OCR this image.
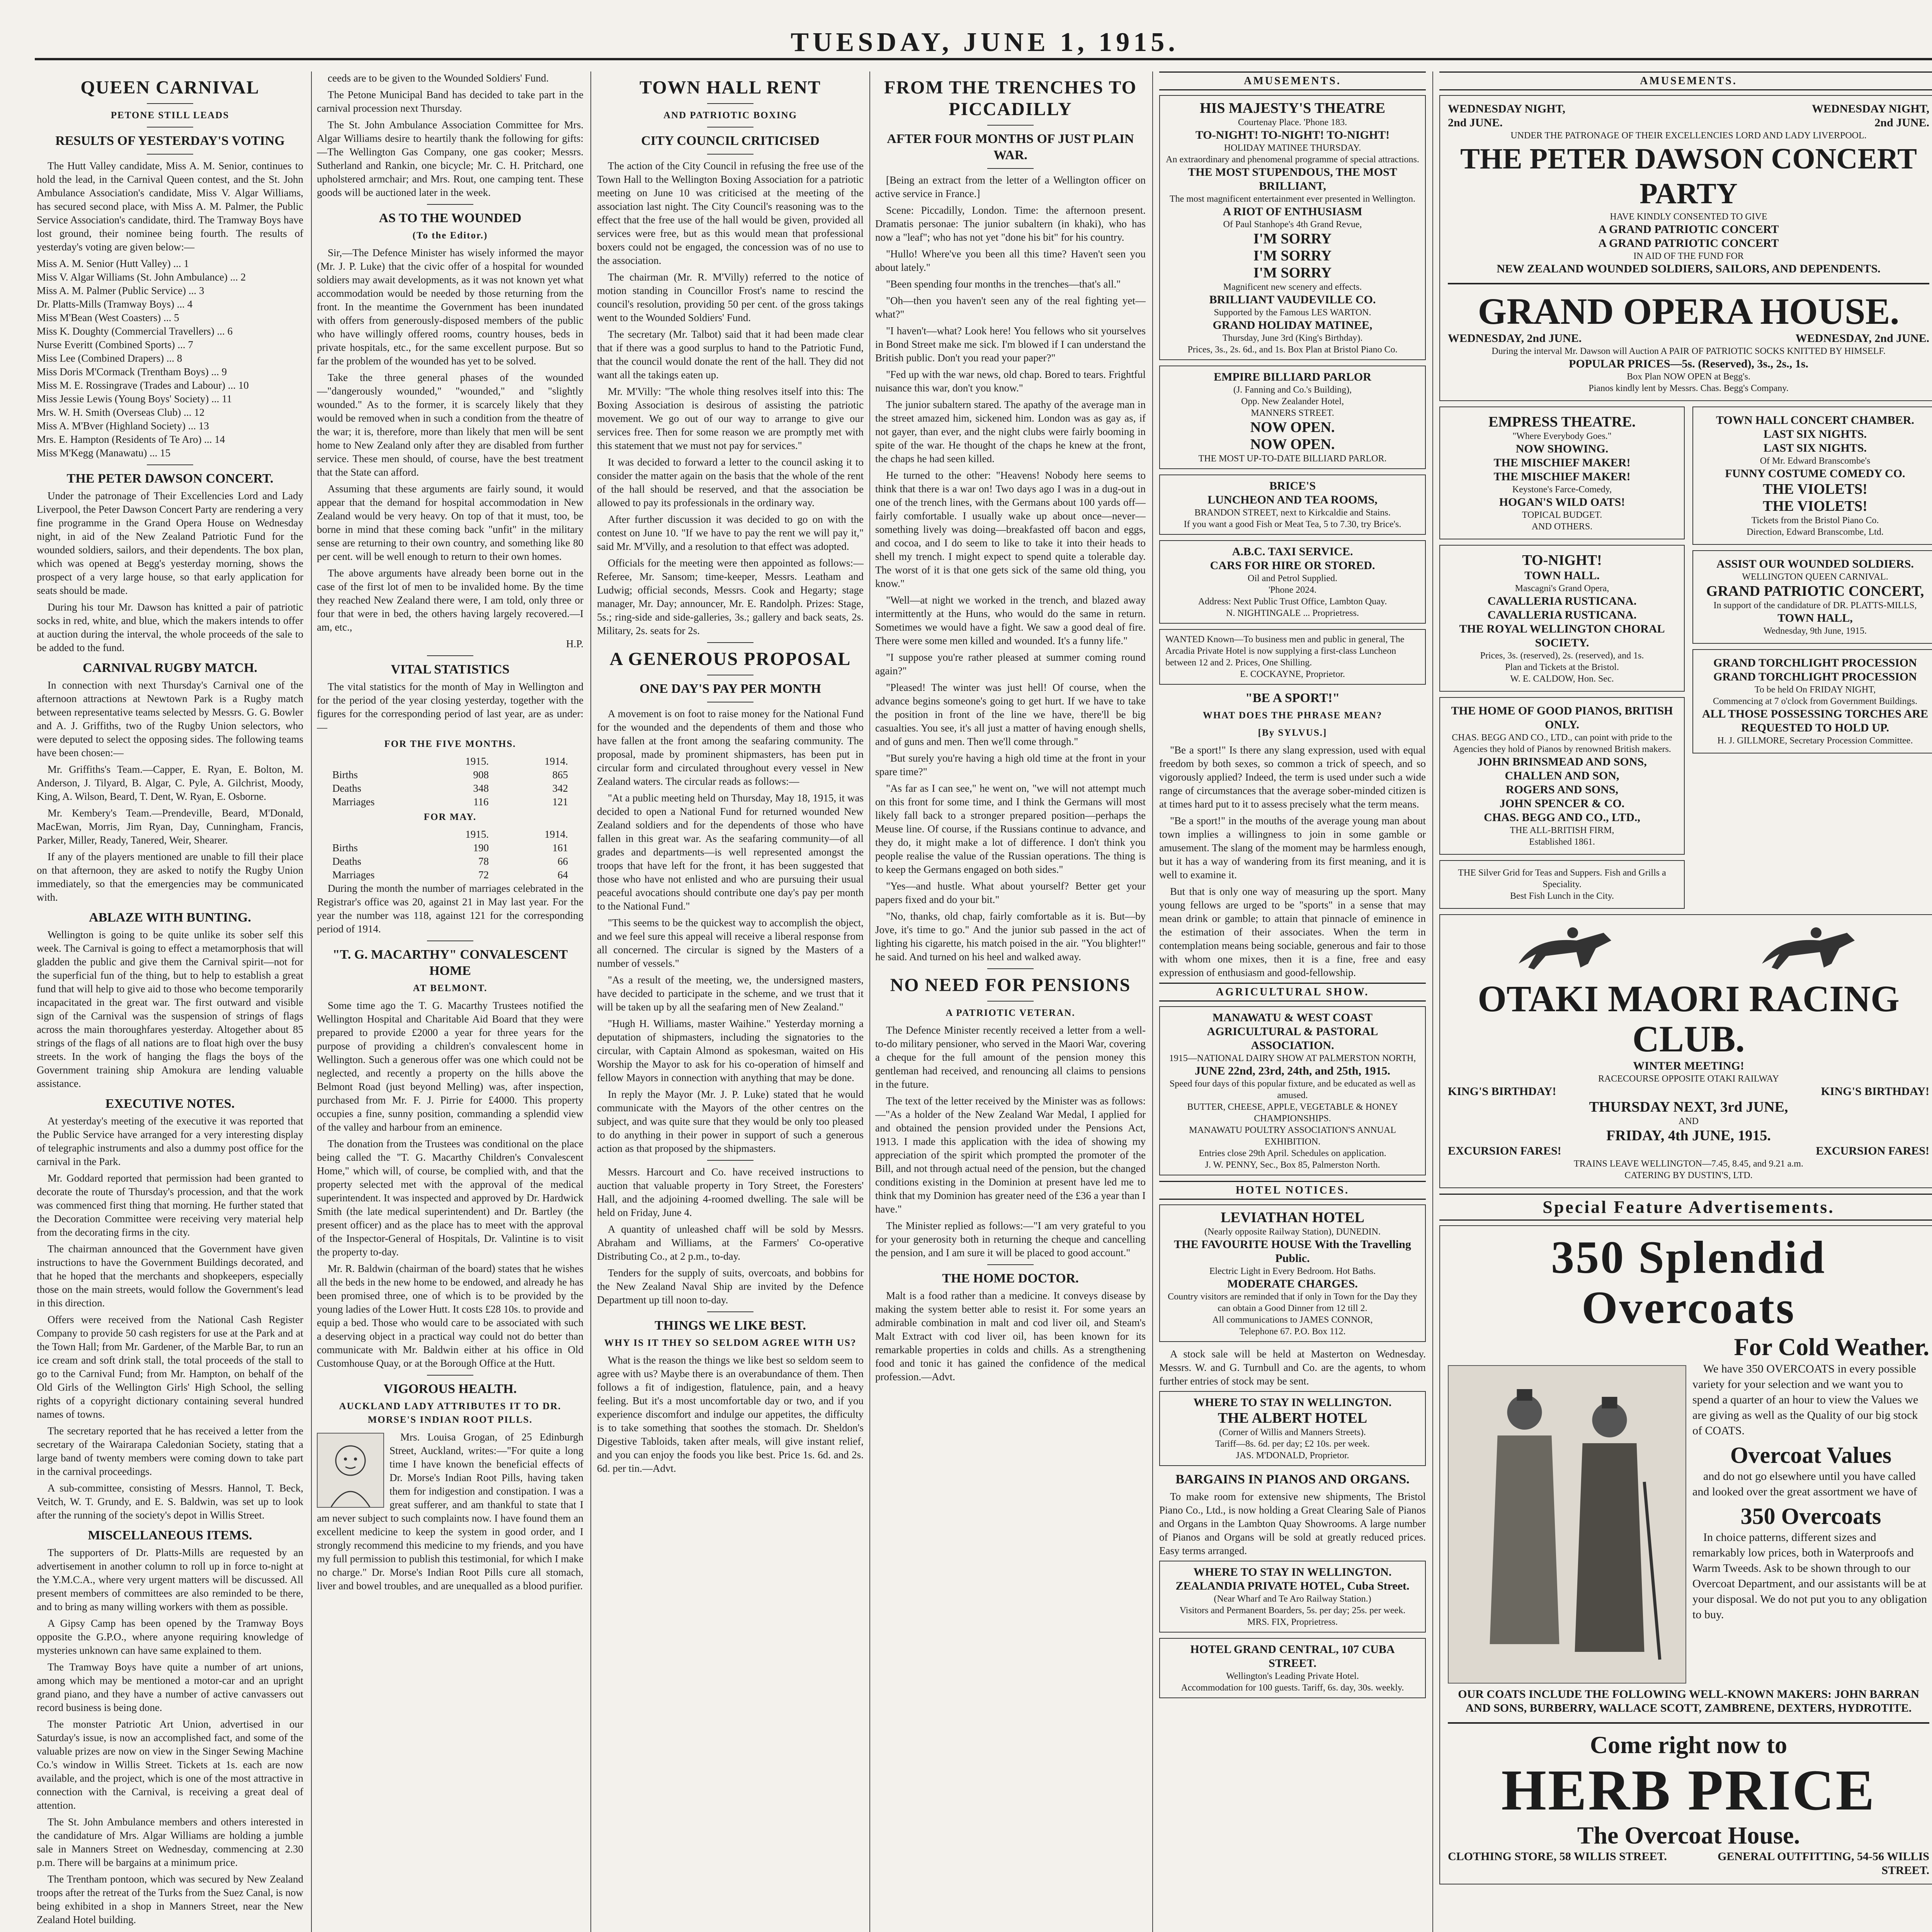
TUESDAY, JUNE 1, 1915.
QUEEN CARNIVAL
PETONE STILL LEADS
RESULTS OF YESTERDAY'S VOTING

The Hutt Valley candidate, Miss A. M. Senior, continues to hold the lead, in the Carnival Queen contest, and the St. John Ambulance Association's candidate, Miss V. Algar Williams, has secured second place, with Miss A. M. Palmer, the Public Service Association's candidate, third. The Tramway Boys have lost ground, their nominee being fourth. The results of yesterday's voting are given below:—

Miss A. M. Senior (Hutt Valley) ... 1

Miss V. Algar Williams (St. John Ambulance) ... 2

Miss A. M. Palmer (Public Service) ... 3

Dr. Platts-Mills (Tramway Boys) ... 4

Miss M'Bean (West Coasters) ... 5

Miss K. Doughty (Commercial Travellers) ... 6

Nurse Everitt (Combined Sports) ... 7

Miss Lee (Combined Drapers) ... 8

Miss Doris M'Cormack (Trentham Boys) ... 9

Miss M. E. Rossingrave (Trades and Labour) ... 10

Miss Jessie Lewis (Young Boys' Society) ... 11

Mrs. W. H. Smith (Overseas Club) ... 12

Miss A. M'Bver (Highland Society) ... 13

Mrs. E. Hampton (Residents of Te Aro) ... 14

Miss M'Kegg (Manawatu) ... 15

THE PETER DAWSON CONCERT.

Under the patronage of Their Excellencies Lord and Lady Liverpool, the Peter Dawson Concert Party are rendering a very fine programme in the Grand Opera House on Wednesday night, in aid of the New Zealand Patriotic Fund for the wounded soldiers, sailors, and their dependents. The box plan, which was opened at Begg's yesterday morning, shows the prospect of a very large house, so that early application for seats should be made.

During his tour Mr. Dawson has knitted a pair of patriotic socks in red, white, and blue, which the makers intends to offer at auction during the interval, the whole proceeds of the sale to be added to the fund.

CARNIVAL RUGBY MATCH.

In connection with next Thursday's Carnival one of the afternoon attractions at Newtown Park is a Rugby match between representative teams selected by Messrs. G. G. Bowler and A. J. Griffiths, two of the Rugby Union selectors, who were deputed to select the opposing sides. The following teams have been chosen:—

Mr. Griffiths's Team.—Capper, E. Ryan, E. Bolton, M. Anderson, J. Tilyard, B. Algar, C. Pyle, A. Gilchrist, Moody, King, A. Wilson, Beard, T. Dent, W. Ryan, E. Osborne.

Mr. Kembery's Team.—Prendeville, Beard, M'Donald, MacEwan, Morris, Jim Ryan, Day, Cunningham, Francis, Parker, Miller, Ready, Tanered, Weir, Shearer.

If any of the players mentioned are unable to fill their place on that afternoon, they are asked to notify the Rugby Union immediately, so that the emergencies may be communicated with.

ABLAZE WITH BUNTING.

Wellington is going to be quite unlike its sober self this week. The Carnival is going to effect a metamorphosis that will gladden the public and give them the Carnival spirit—not for the superficial fun of the thing, but to help to establish a great fund that will help to give aid to those who become temporarily incapacitated in the great war. The first outward and visible sign of the Carnival was the suspension of strings of flags across the main thoroughfares yesterday. Altogether about 85 strings of the flags of all nations are to float high over the busy streets. In the work of hanging the flags the boys of the Government training ship Amokura are lending valuable assistance.

EXECUTIVE NOTES.

At yesterday's meeting of the executive it was reported that the Public Service have arranged for a very interesting display of telegraphic instruments and also a dummy post office for the carnival in the Park.

Mr. Goddard reported that permission had been granted to decorate the route of Thursday's procession, and that the work was commenced first thing that morning. He further stated that the Decoration Committee were receiving very material help from the decorating firms in the city.

The chairman announced that the Government have given instructions to have the Government Buildings decorated, and that he hoped that the merchants and shopkeepers, especially those on the main streets, would follow the Government's lead in this direction.

Offers were received from the National Cash Register Company to provide 50 cash registers for use at the Park and at the Town Hall; from Mr. Gardener, of the Marble Bar, to run an ice cream and soft drink stall, the total proceeds of the stall to go to the Carnival Fund; from Mr. Hampton, on behalf of the Old Girls of the Wellington Girls' High School, the selling rights of a copyright dictionary containing several hundred names of towns.

The secretary reported that he has received a letter from the secretary of the Wairarapa Caledonian Society, stating that a large band of twenty members were coming down to take part in the carnival proceedings.

A sub-committee, consisting of Messrs. Hannol, T. Beck, Veitch, W. T. Grundy, and E. S. Baldwin, was set up to look after the running of the society's depot in Willis Street.

MISCELLANEOUS ITEMS.

The supporters of Dr. Platts-Mills are requested by an advertisement in another column to roll up in force to-night at the Y.M.C.A., where very urgent matters will be discussed. All present members of committees are also reminded to be there, and to bring as many willing workers with them as possible.

A Gipsy Camp has been opened by the Tramway Boys opposite the G.P.O., where anyone requiring knowledge of mysteries unknown can have same explained to them.

The Tramway Boys have quite a number of art unions, among which may be mentioned a motor-car and an upright grand piano, and they have a number of active canvassers out record business is being done.

The monster Patriotic Art Union, advertised in our Saturday's issue, is now an accomplished fact, and some of the valuable prizes are now on view in the Singer Sewing Machine Co.'s window in Willis Street. Tickets at 1s. each are now available, and the project, which is one of the most attractive in connection with the Carnival, is receiving a great deal of attention.

The St. John Ambulance members and others interested in the candidature of Mrs. Algar Williams are holding a jumble sale in Manners Street on Wednesday, commencing at 2.30 p.m. There will be bargains at a minimum price.

The Trentham pontoon, which was secured by New Zealand troops after the retreat of the Turks from the Suez Canal, is now being exhibited in a shop in Manners Street, near the New Zealand Hotel building.

ceeds are to be given to the Wounded Soldiers' Fund.

The Petone Municipal Band has decided to take part in the carnival procession next Thursday.

The St. John Ambulance Association Committee for Mrs. Algar Williams desire to heartily thank the following for gifts:—The Wellington Gas Company, one gas cooker; Messrs. Sutherland and Rankin, one bicycle; Mr. C. H. Pritchard, one upholstered armchair; and Mrs. Rout, one camping tent. These goods will be auctioned later in the week.

AS TO THE WOUNDED
(To the Editor.)

Sir,—The Defence Minister has wisely informed the mayor (Mr. J. P. Luke) that the civic offer of a hospital for wounded soldiers may await developments, as it was not known yet what accommodation would be needed by those returning from the front. In the meantime the Government has been inundated with offers from generously-disposed members of the public who have willingly offered rooms, country houses, beds in private hospitals, etc., for the same excellent purpose. But so far the problem of the wounded has yet to be solved.

Take the three general phases of the wounded—"dangerously wounded," "wounded," and "slightly wounded." As to the former, it is scarcely likely that they would be removed when in such a condition from the theatre of the war; it is, therefore, more than likely that men will be sent home to New Zealand only after they are disabled from further service. These men should, of course, have the best treatment that the State can afford.

Assuming that these arguments are fairly sound, it would appear that the demand for hospital accommodation in New Zealand would be very heavy. On top of that it must, too, be borne in mind that these coming back "unfit" in the military sense are returning to their own country, and something like 80 per cent. will be well enough to return to their own homes.

The above arguments have already been borne out in the case of the first lot of men to be invalided home. By the time they reached New Zealand there were, I am told, only three or four that were in bed, the others having largely recovered.—I am, etc.,

H.P.

VITAL STATISTICS

The vital statistics for the month of May in Wellington and for the period of the year closing yesterday, together with the figures for the corresponding period of last year, are as under:—

FOR THE FIVE MONTHS.
1915.	1914.
Births	908	865
Deaths	348	342
Marriages	116	121
FOR MAY.
1915.	1914.
Births	190	161
Deaths	78	66
Marriages	72	64

During the month the number of marriages celebrated in the Registrar's office was 20, against 21 in May last year. For the year the number was 118, against 121 for the corresponding period of 1914.

"T. G. MACARTHY" CONVALESCENT HOME
AT BELMONT.

Some time ago the T. G. Macarthy Trustees notified the Wellington Hospital and Charitable Aid Board that they were prepared to provide £2000 a year for three years for the purpose of providing a children's convalescent home in Wellington. Such a generous offer was one which could not be neglected, and recently a property on the hills above the Belmont Road (just beyond Melling) was, after inspection, purchased from Mr. F. J. Pirrie for £4000. This property occupies a fine, sunny position, commanding a splendid view of the valley and harbour from an eminence.

The donation from the Trustees was conditional on the place being called the "T. G. Macarthy Children's Convalescent Home," which will, of course, be complied with, and that the property selected met with the approval of the medical superintendent. It was inspected and approved by Dr. Hardwick Smith (the late medical superintendent) and Dr. Bartley (the present officer) and as the place has to meet with the approval of the Inspector-General of Hospitals, Dr. Valintine is to visit the property to-day.

Mr. R. Baldwin (chairman of the board) states that he wishes all the beds in the new home to be endowed, and already he has been promised three, one of which is to be provided by the young ladies of the Lower Hutt. It costs £28 10s. to provide and equip a bed. Those who would care to be associated with such a deserving object in a practical way could not do better than communicate with Mr. Baldwin either at his office in Old Customhouse Quay, or at the Borough Office at the Hutt.

VIGOROUS HEALTH.
AUCKLAND LADY ATTRIBUTES IT TO DR. MORSE'S INDIAN ROOT PILLS.

Mrs. Louisa Grogan, of 25 Edinburgh Street, Auckland, writes:—"For quite a long time I have known the beneficial effects of Dr. Morse's Indian Root Pills, having taken them for indigestion and constipation. I was a great sufferer, and am thankful to state that I am never subject to such complaints now. I have found them an excellent medicine to keep the system in good order, and I strongly recommend this medicine to my friends, and you have my full permission to publish this testimonial, for which I make no charge." Dr. Morse's Indian Root Pills cure all stomach, liver and bowel troubles, and are unequalled as a blood purifier.

TOWN HALL RENT
AND PATRIOTIC BOXING
CITY COUNCIL CRITICISED

The action of the City Council in refusing the free use of the Town Hall to the Wellington Boxing Association for a patriotic meeting on June 10 was criticised at the meeting of the association last night. The City Council's reasoning was to the effect that the free use of the hall would be given, provided all services were free, but as this would mean that professional boxers could not be engaged, the concession was of no use to the association.

The chairman (Mr. R. M'Villy) referred to the notice of motion standing in Councillor Frost's name to rescind the council's resolution, providing 50 per cent. of the gross takings went to the Wounded Soldiers' Fund.

The secretary (Mr. Talbot) said that it had been made clear that if there was a good surplus to hand to the Patriotic Fund, that the council would donate the rent of the hall. They did not want all the takings eaten up.

Mr. M'Villy: "The whole thing resolves itself into this: The Boxing Association is desirous of assisting the patriotic movement. We go out of our way to arrange to give our services free. Then for some reason we are promptly met with this statement that we must not pay for services."

It was decided to forward a letter to the council asking it to consider the matter again on the basis that the whole of the rent of the hall should be reserved, and that the association be allowed to pay its professionals in the ordinary way.

After further discussion it was decided to go on with the contest on June 10. "If we have to pay the rent we will pay it," said Mr. M'Villy, and a resolution to that effect was adopted.

Officials for the meeting were then appointed as follows:—Referee, Mr. Sansom; time-keeper, Messrs. Leatham and Ludwig; official seconds, Messrs. Cook and Hegarty; stage manager, Mr. Day; announcer, Mr. E. Randolph. Prizes: Stage, 5s.; ring-side and side-galleries, 3s.; gallery and back seats, 2s. Military, 2s. seats for 2s.

A GENEROUS PROPOSAL
ONE DAY'S PAY PER MONTH

A movement is on foot to raise money for the National Fund for the wounded and the dependents of them and those who have fallen at the front among the seafaring community. The proposal, made by prominent shipmasters, has been put in circular form and circulated throughout every vessel in New Zealand waters. The circular reads as follows:—

"At a public meeting held on Thursday, May 18, 1915, it was decided to open a National Fund for returned wounded New Zealand soldiers and for the dependents of those who have fallen in this great war. As the seafaring community—of all grades and departments—is well represented amongst the troops that have left for the front, it has been suggested that those who have not enlisted and who are pursuing their usual peaceful avocations should contribute one day's pay per month to the National Fund."

"This seems to be the quickest way to accomplish the object, and we feel sure this appeal will receive a liberal response from all concerned. The circular is signed by the Masters of a number of vessels."

"As a result of the meeting, we, the undersigned masters, have decided to participate in the scheme, and we trust that it will be taken up by all the seafaring men of New Zealand."

"Hugh H. Williams, master Waihine." Yesterday morning a deputation of shipmasters, including the signatories to the circular, with Captain Almond as spokesman, waited on His Worship the Mayor to ask for his co-operation of himself and fellow Mayors in connection with anything that may be done.

In reply the Mayor (Mr. J. P. Luke) stated that he would communicate with the Mayors of the other centres on the subject, and was quite sure that they would be only too pleased to do anything in their power in support of such a generous action as that proposed by the shipmasters.

Messrs. Harcourt and Co. have received instructions to auction that valuable property in Tory Street, the Foresters' Hall, and the adjoining 4-roomed dwelling. The sale will be held on Friday, June 4.

A quantity of unleashed chaff will be sold by Messrs. Abraham and Williams, at the Farmers' Co-operative Distributing Co., at 2 p.m., to-day.

Tenders for the supply of suits, overcoats, and bobbins for the New Zealand Naval Ship are invited by the Defence Department up till noon to-day.

THINGS WE LIKE BEST.
WHY IS IT THEY SO SELDOM AGREE WITH US?

What is the reason the things we like best so seldom seem to agree with us? Maybe there is an overabundance of them. Then follows a fit of indigestion, flatulence, pain, and a heavy feeling. But it's a most uncomfortable day or two, and if you experience discomfort and indulge our appetites, the difficulty is to take something that soothes the stomach. Dr. Sheldon's Digestive Tabloids, taken after meals, will give instant relief, and you can enjoy the foods you like best. Price 1s. 6d. and 2s. 6d. per tin.—Advt.

FROM THE TRENCHES TO PICCADILLY
AFTER FOUR MONTHS OF JUST PLAIN WAR.

[Being an extract from the letter of a Wellington officer on active service in France.]

Scene: Piccadilly, London. Time: the afternoon present. Dramatis personae: The junior subaltern (in khaki), who has now a "leaf"; who has not yet "done his bit" for his country.

"Hullo! Where've you been all this time? Haven't seen you about lately."

"Been spending four months in the trenches—that's all."

"Oh—then you haven't seen any of the real fighting yet—what?"

"I haven't—what? Look here! You fellows who sit yourselves in Bond Street make me sick. I'm blowed if I can understand the British public. Don't you read your paper?"

"Fed up with the war news, old chap. Bored to tears. Frightful nuisance this war, don't you know."

The junior subaltern stared. The apathy of the average man in the street amazed him, sickened him. London was as gay as, if not gayer, than ever, and the night clubs were fairly booming in spite of the war. He thought of the chaps he knew at the front, the chaps he had seen killed.

He turned to the other: "Heavens! Nobody here seems to think that there is a war on! Two days ago I was in a dug-out in one of the trench lines, with the Germans about 100 yards off—fairly comfortable. I usually wake up about once—never—something lively was doing—breakfasted off bacon and eggs, and cocoa, and I do seem to like to take it into their heads to shell my trench. I might expect to spend quite a tolerable day. The worst of it is that one gets sick of the same old thing, you know."

"Well—at night we worked in the trench, and blazed away intermittently at the Huns, who would do the same in return. Sometimes we would have a fight. We saw a good deal of fire. There were some men killed and wounded. It's a funny life."

"I suppose you're rather pleased at summer coming round again?"

"Pleased! The winter was just hell! Of course, when the advance begins someone's going to get hurt. If we have to take the position in front of the line we have, there'll be big casualties. You see, it's all just a matter of having enough shells, and of guns and men. Then we'll come through."

"But surely you're having a high old time at the front in your spare time?"

"As far as I can see," he went on, "we will not attempt much on this front for some time, and I think the Germans will most likely fall back to a stronger prepared position—perhaps the Meuse line. Of course, if the Russians continue to advance, and they do, it might make a lot of difference. I don't think you people realise the value of the Russian operations. The thing is to keep the Germans engaged on both sides."

"Yes—and hustle. What about yourself? Better get your papers fixed and do your bit."

"No, thanks, old chap, fairly comfortable as it is. But—by Jove, it's time to go." And the junior sub passed in the act of lighting his cigarette, his match poised in the air. "You blighter!" he said. And turned on his heel and walked away.

NO NEED FOR PENSIONS
A PATRIOTIC VETERAN.

The Defence Minister recently received a letter from a well-to-do military pensioner, who served in the Maori War, covering a cheque for the full amount of the pension money this gentleman had received, and renouncing all claims to pensions in the future.

The text of the letter received by the Minister was as follows:—"As a holder of the New Zealand War Medal, I applied for and obtained the pension provided under the Pensions Act, 1913. I made this application with the idea of showing my appreciation of the spirit which prompted the promoter of the Bill, and not through actual need of the pension, but the changed conditions existing in the Dominion at present have led me to think that my Dominion has greater need of the £36 a year than I have."

The Minister replied as follows:—"I am very grateful to you for your generosity both in returning the cheque and cancelling the pension, and I am sure it will be placed to good account."

THE HOME DOCTOR.

Malt is a food rather than a medicine. It conveys disease by making the system better able to resist it. For some years an admirable combination in malt and cod liver oil, and Steam's Malt Extract with cod liver oil, has been known for its remarkable properties in colds and chills. As a strengthening food and tonic it has gained the confidence of the medical profession.—Advt.

AMUSEMENTS.
HIS MAJESTY'S THEATRE
Courtenay Place. 'Phone 183.
TO-NIGHT! TO-NIGHT! TO-NIGHT!
HOLIDAY MATINEE THURSDAY.
An extraordinary and phenomenal programme of special attractions.
THE MOST STUPENDOUS, THE MOST BRILLIANT,
The most magnificent entertainment ever presented in Wellington.
A RIOT OF ENTHUSIASM
Of Paul Stanhope's 4th Grand Revue,
I'M SORRY
I'M SORRY
I'M SORRY
Magnificent new scenery and effects.
BRILLIANT VAUDEVILLE CO.
Supported by the Famous LES WARTON.
GRAND HOLIDAY MATINEE,
Thursday, June 3rd (King's Birthday).
Prices, 3s., 2s. 6d., and 1s. Box Plan at Bristol Piano Co.
EMPIRE BILLIARD PARLOR
(J. Fanning and Co.'s Building),
Opp. New Zealander Hotel,
MANNERS STREET.
NOW OPEN.
NOW OPEN.
THE MOST UP-TO-DATE BILLIARD PARLOR.
BRICE'S
LUNCHEON AND TEA ROOMS,
BRANDON STREET, next to Kirkcaldie and Stains.
If you want a good Fish or Meat Tea, 5 to 7.30, try Brice's.
A.B.C. TAXI SERVICE.
CARS FOR HIRE OR STORED.
Oil and Petrol Supplied.
'Phone 2024.
Address: Next Public Trust Office, Lambton Quay.
N. NIGHTINGALE ... Proprietress.
WANTED Known—To business men and public in general, The Arcadia Private Hotel is now supplying a first-class Luncheon between 12 and 2. Prices, One Shilling.
E. COCKAYNE, Proprietor.
"BE A SPORT!"
WHAT DOES THE PHRASE MEAN?
[By SYLVUS.]

"Be a sport!" Is there any slang expression, used with equal freedom by both sexes, so common a trick of speech, and so vigorously applied? Indeed, the term is used under such a wide range of circumstances that the average sober-minded citizen is at times hard put to it to assess precisely what the term means.

"Be a sport!" in the mouths of the average young man about town implies a willingness to join in some gamble or amusement. The slang of the moment may be harmless enough, but it has a way of wandering from its first meaning, and it is well to examine it.

But that is only one way of measuring up the sport. Many young fellows are urged to be "sports" in a sense that may mean drink or gamble; to attain that pinnacle of eminence in the estimation of their associates. When the term in contemplation means being sociable, generous and fair to those with whom one mixes, then it is a fine, free and easy expression of enthusiasm and good-fellowship.

AGRICULTURAL SHOW.
MANAWATU & WEST COAST AGRICULTURAL & PASTORAL ASSOCIATION.
1915—NATIONAL DAIRY SHOW AT PALMERSTON NORTH,
JUNE 22nd, 23rd, 24th, and 25th, 1915.
Speed four days of this popular fixture, and be educated as well as amused.
BUTTER, CHEESE, APPLE, VEGETABLE & HONEY CHAMPIONSHIPS.
MANAWATU POULTRY ASSOCIATION'S ANNUAL EXHIBITION.
Entries close 29th April. Schedules on application.
J. W. PENNY, Sec., Box 85, Palmerston North.
HOTEL NOTICES.
LEVIATHAN HOTEL
(Nearly opposite Railway Station), DUNEDIN.
THE FAVOURITE HOUSE With the Travelling Public.
Electric Light in Every Bedroom. Hot Baths.
MODERATE CHARGES.
Country visitors are reminded that if only in Town for the Day they can obtain a Good Dinner from 12 till 2.
All communications to JAMES CONNOR,
Telephone 67. P.O. Box 112.

A stock sale will be held at Masterton on Wednesday. Messrs. W. and G. Turnbull and Co. are the agents, to whom further entries of stock may be sent.

WHERE TO STAY IN WELLINGTON.
THE ALBERT HOTEL
(Corner of Willis and Manners Streets).
Tariff—8s. 6d. per day; £2 10s. per week.
JAS. M'DONALD, Proprietor.
BARGAINS IN PIANOS AND ORGANS.

To make room for extensive new shipments, The Bristol Piano Co., Ltd., is now holding a Great Clearing Sale of Pianos and Organs in the Lambton Quay Showrooms. A large number of Pianos and Organs will be sold at greatly reduced prices. Easy terms arranged.

WHERE TO STAY IN WELLINGTON.
ZEALANDIA PRIVATE HOTEL, Cuba Street.
(Near Wharf and Te Aro Railway Station.)
Visitors and Permanent Boarders, 5s. per day; 25s. per week.
MRS. FIX, Proprietress.
HOTEL GRAND CENTRAL, 107 CUBA STREET.
Wellington's Leading Private Hotel.
Accommodation for 100 guests. Tariff, 6s. day, 30s. weekly.
AMUSEMENTS.
WEDNESDAY NIGHT,
2nd JUNE.
WEDNESDAY NIGHT,
2nd JUNE.
UNDER THE PATRONAGE OF THEIR EXCELLENCIES LORD AND LADY LIVERPOOL.
THE PETER DAWSON CONCERT PARTY
HAVE KINDLY CONSENTED TO GIVE
A GRAND PATRIOTIC CONCERT
A GRAND PATRIOTIC CONCERT
IN AID OF THE FUND FOR
NEW ZEALAND WOUNDED SOLDIERS, SAILORS, AND DEPENDENTS.
GRAND OPERA HOUSE.
WEDNESDAY, 2nd JUNE.	WEDNESDAY, 2nd JUNE.
During the interval Mr. Dawson will Auction A PAIR OF PATRIOTIC SOCKS KNITTED BY HIMSELF.
POPULAR PRICES—5s. (Reserved), 3s., 2s., 1s.
Box Plan NOW OPEN at Begg's.
Pianos kindly lent by Messrs. Chas. Begg's Company.
EMPRESS THEATRE.
"Where Everybody Goes."
NOW SHOWING.
THE MISCHIEF MAKER!
THE MISCHIEF MAKER!
Keystone's Farce-Comedy,
HOGAN'S WILD OATS!
TOPICAL BUDGET.
AND OTHERS.
TO-NIGHT!
TOWN HALL.
Mascagni's Grand Opera,
CAVALLERIA RUSTICANA.
CAVALLERIA RUSTICANA.
THE ROYAL WELLINGTON CHORAL SOCIETY.
Prices, 3s. (reserved), 2s. (reserved), and 1s.
Plan and Tickets at the Bristol.
W. E. CALDOW, Hon. Sec.
THE HOME OF GOOD PIANOS, BRITISH ONLY.
CHAS. BEGG AND CO., LTD., can point with pride to the Agencies they hold of Pianos by renowned British makers.
JOHN BRINSMEAD AND SONS,
CHALLEN AND SON,
ROGERS AND SONS,
JOHN SPENCER & CO.
CHAS. BEGG AND CO., LTD.,
THE ALL-BRITISH FIRM,
Established 1861.
THE Silver Grid for Teas and Suppers. Fish and Grills a Speciality.
Best Fish Lunch in the City.
TOWN HALL CONCERT CHAMBER.
LAST SIX NIGHTS.
LAST SIX NIGHTS.
Of Mr. Edward Branscombe's
FUNNY COSTUME COMEDY CO.
THE VIOLETS!
THE VIOLETS!
Tickets from the Bristol Piano Co.
Direction, Edward Branscombe, Ltd.
ASSIST OUR WOUNDED SOLDIERS.
WELLINGTON QUEEN CARNIVAL.
GRAND PATRIOTIC CONCERT,
In support of the candidature of DR. PLATTS-MILLS,
TOWN HALL,
Wednesday, 9th June, 1915.
GRAND TORCHLIGHT PROCESSION
GRAND TORCHLIGHT PROCESSION
To be held On FRIDAY NIGHT,
Commencing at 7 o'clock from Government Buildings.
ALL THOSE POSSESSING TORCHES ARE REQUESTED TO HOLD UP.
H. J. GILLMORE, Secretary Procession Committee.
OTAKI MAORI RACING CLUB.
WINTER MEETING!
RACECOURSE OPPOSITE OTAKI RAILWAY
KING'S BIRTHDAY!	KING'S BIRTHDAY!
THURSDAY NEXT, 3rd JUNE,
AND
FRIDAY, 4th JUNE, 1915.
EXCURSION FARES!	EXCURSION FARES!
TRAINS LEAVE WELLINGTON—7.45, 8.45, and 9.21 a.m.
CATERING BY DUSTIN'S, LTD.
Special Feature Advertisements.
350 Splendid Overcoats
For Cold Weather.

We have 350 OVERCOATS in every possible variety for your selection and we want you to spend a quarter of an hour to view the Values we are giving as well as the Quality of our big stock of COATS.

Overcoat Values

and do not go elsewhere until you have called and looked over the great assortment we have of

350 Overcoats

In choice patterns, different sizes and remarkably low prices, both in Waterproofs and Warm Tweeds. Ask to be shown through to our Overcoat Department, and our assistants will be at your disposal. We do not put you to any obligation to buy.

OUR COATS INCLUDE THE FOLLOWING WELL-KNOWN MAKERS: JOHN BARRAN AND SONS, BURBERRY, WALLACE SCOTT, ZAMBRENE, DEXTERS, HYDROTITE.
Come right now to
HERB PRICE
The Overcoat House.
CLOTHING STORE, 58 WILLIS STREET.	GENERAL OUTFITTING, 54-56 WILLIS STREET.
